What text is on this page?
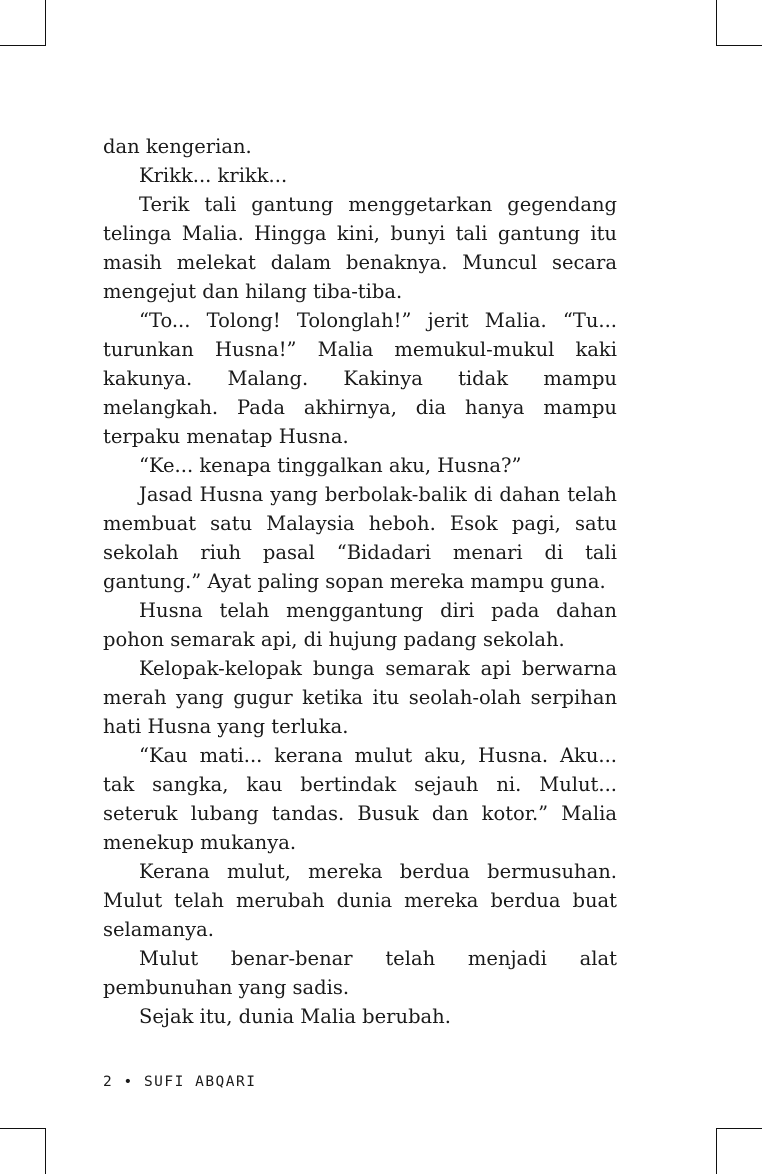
dan kengerian.

Krikk... krikk...

Terik tali gantung menggetarkan gegendang telinga Malia. Hingga kini, bunyi tali gantung itu masih melekat dalam benaknya. Muncul secara mengejut dan hilang tiba-tiba.

“To... Tolong! Tolonglah!” jerit Malia. “Tu... turunkan Husna!” Malia memukul-mukul kaki kakunya. Malang. Kakinya tidak mampu melangkah. Pada akhirnya, dia hanya mampu terpaku menatap Husna.

“Ke... kenapa tinggalkan aku, Husna?”

Jasad Husna yang berbolak-balik di dahan telah membuat satu Malaysia heboh. Esok pagi, satu sekolah riuh pasal “Bidadari menari di tali gantung.” Ayat paling sopan mereka mampu guna.

Husna telah menggantung diri pada dahan pohon semarak api, di hujung padang sekolah.

Kelopak-kelopak bunga semarak api berwarna merah yang gugur ketika itu seolah-olah serpihan hati Husna yang terluka.

“Kau mati... kerana mulut aku, Husna. Aku... tak sangka, kau bertindak sejauh ni. Mulut... seteruk lubang tandas. Busuk dan kotor.” Malia menekup mukanya.

Kerana mulut, mereka berdua bermusuhan. Mulut telah merubah dunia mereka berdua buat selamanya.

Mulut benar-benar telah menjadi alat pembunuhan yang sadis.

Sejak itu, dunia Malia berubah.

2 • SUFI ABQARI
